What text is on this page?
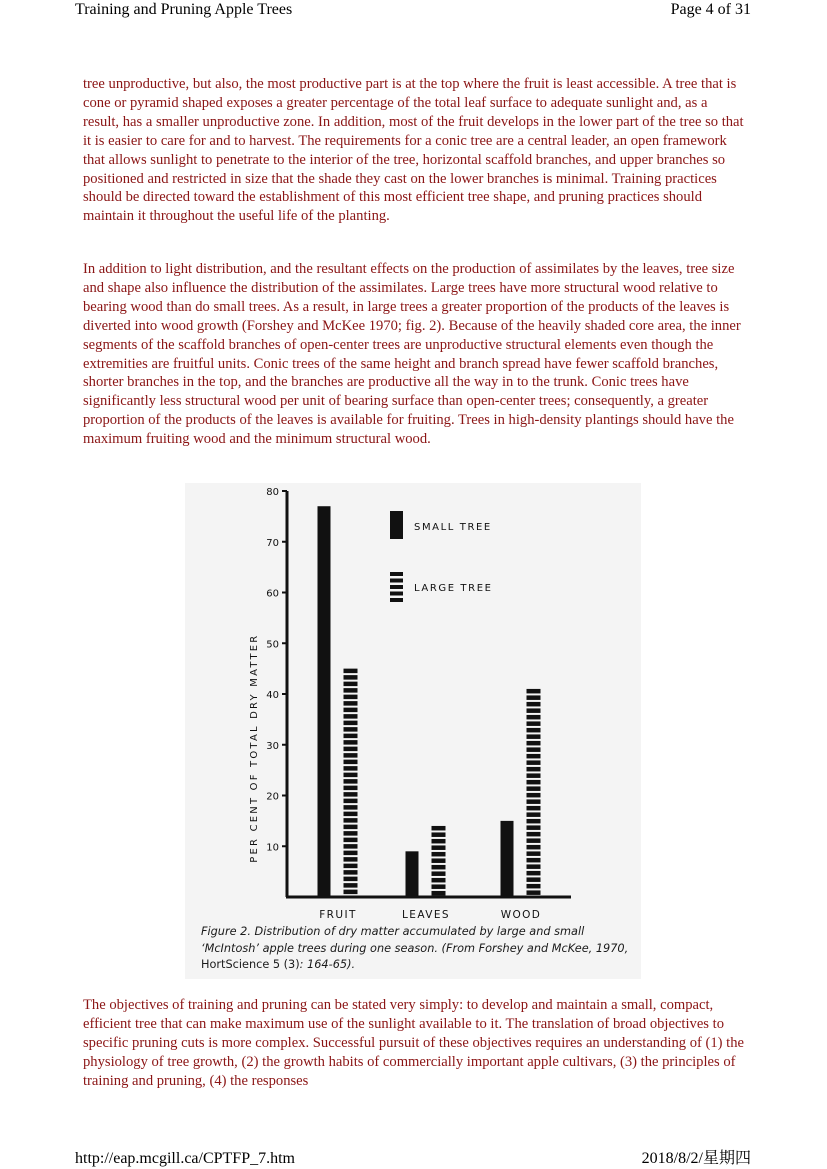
Training and Pruning Apple Trees	Page 4 of 31

tree unproductive, but also, the most productive part is at the top where the fruit is least accessible. A tree that is cone or pyramid shaped exposes a greater percentage of the total leaf surface to adequate sunlight and, as a result, has a smaller unproductive zone. In addition, most of the fruit develops in the lower part of the tree so that it is easier to care for and to harvest. The requirements for a conic tree are a central leader, an open framework that allows sunlight to penetrate to the interior of the tree, horizontal scaffold branches, and upper branches so positioned and restricted in size that the shade they cast on the lower branches is minimal. Training practices should be directed toward the establishment of this most efficient tree shape, and pruning practices should maintain it throughout the useful life of the planting.

In addition to light distribution, and the resultant effects on the production of assimilates by the leaves, tree size and shape also influence the distribution of the assimilates. Large trees have more structural wood relative to bearing wood than do small trees. As a result, in large trees a greater proportion of the products of the leaves is diverted into wood growth (Forshey and McKee 1970; fig. 2). Because of the heavily shaded core area, the inner segments of the scaffold branches of open-center trees are unproductive structural elements even though the extremities are fruitful units. Conic trees of the same height and branch spread have fewer scaffold branches, shorter branches in the top, and the branches are productive all the way in to the trunk. Conic trees have significantly less structural wood per unit of bearing surface than open-center trees; consequently, a greater proportion of the products of the leaves is available for fruiting. Trees in high-density plantings should have the maximum fruiting wood and the minimum structural wood.

10
20
30
40
50
60
70
80
PER CENT OF TOTAL DRY MATTER
FRUIT	LEAVES	WOOD
SMALL TREE
LARGE TREE

Figure 2. Distribution of dry matter accumulated by large and small ‘McIntosh’ apple trees during one season. (From Forshey and McKee, 1970, HortScience 5 (3): 164-65).

The objectives of training and pruning can be stated very simply: to develop and maintain a small, compact, efficient tree that can make maximum use of the sunlight available to it. The translation of broad objectives to specific pruning cuts is more complex. Successful pursuit of these objectives requires an understanding of (1) the physiology of tree growth, (2) the growth habits of commercially important apple cultivars, (3) the principles of training and pruning, (4) the responses

http://eap.mcgill.ca/CPTFP_7.htm	2018/8/2/星期四
